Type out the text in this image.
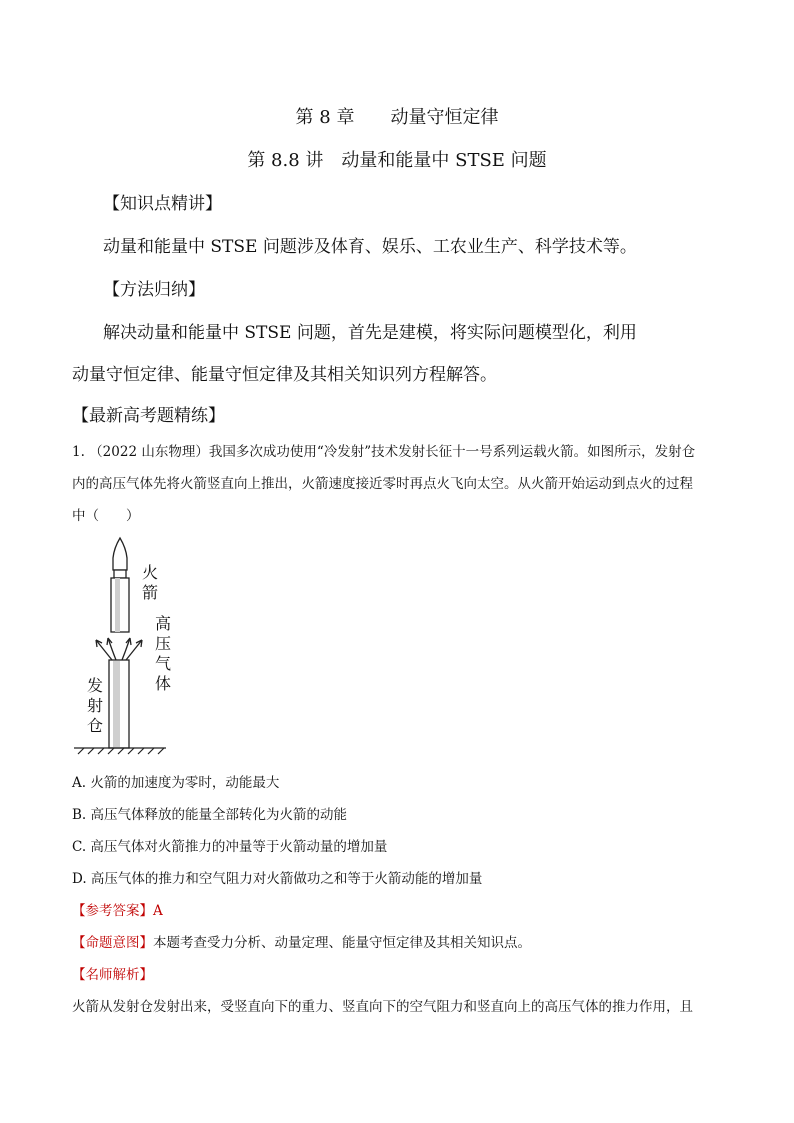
第 8 章　　动量守恒定律
第 8.8 讲　动量和能量中 STSE 问题
【知识点精讲】
动量和能量中 STSE 问题涉及体育、娱乐、工农业生产、科学技术等。
【方法归纳】
解决动量和能量中 STSE 问题，首先是建模，将实际问题模型化，利用
动量守恒定律、能量守恒定律及其相关知识列方程解答。
【最新高考题精练】
1. （2022 山东物理）我国多次成功使用“冷发射”技术发射长征十一号系列运载火箭。如图所示，发射仓
内的高压气体先将火箭竖直向上推出，火箭速度接近零时再点火飞向太空。从火箭开始运动到点火的过程
中（　　）
火箭
高压气体
发射仓
A. 火箭的加速度为零时，动能最大
B. 高压气体释放的能量全部转化为火箭的动能
C. 高压气体对火箭推力的冲量等于火箭动量的增加量
D. 高压气体的推力和空气阻力对火箭做功之和等于火箭动能的增加量
【参考答案】A
【命题意图】本题考查受力分析、动量定理、能量守恒定律及其相关知识点。
【名师解析】
火箭从发射仓发射出来，受竖直向下的重力、竖直向下的空气阻力和竖直向上的高压气体的推力作用，且
